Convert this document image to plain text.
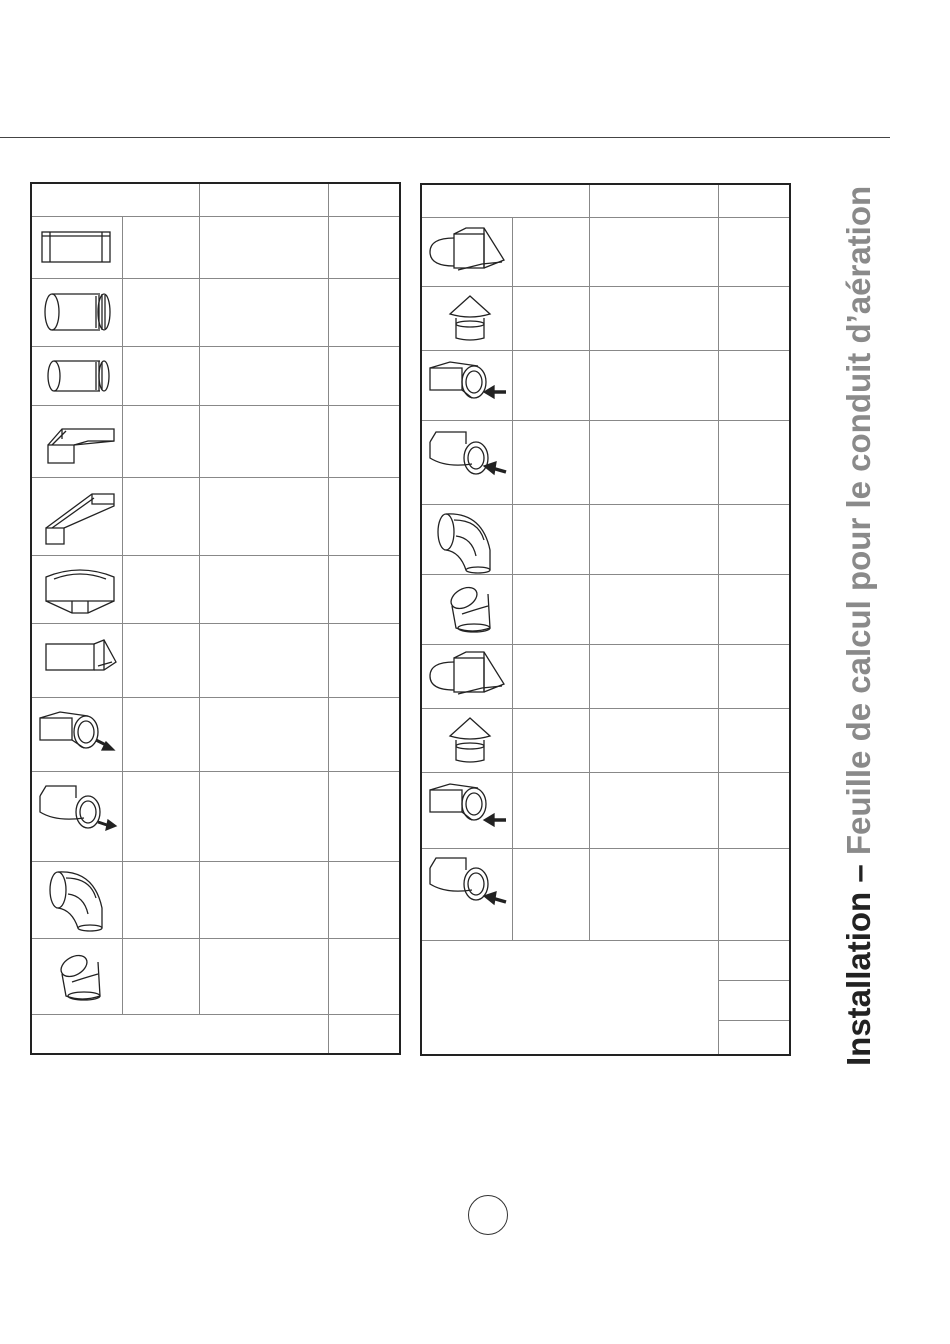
Installation – Feuille de calcul pour le conduit d’aération
